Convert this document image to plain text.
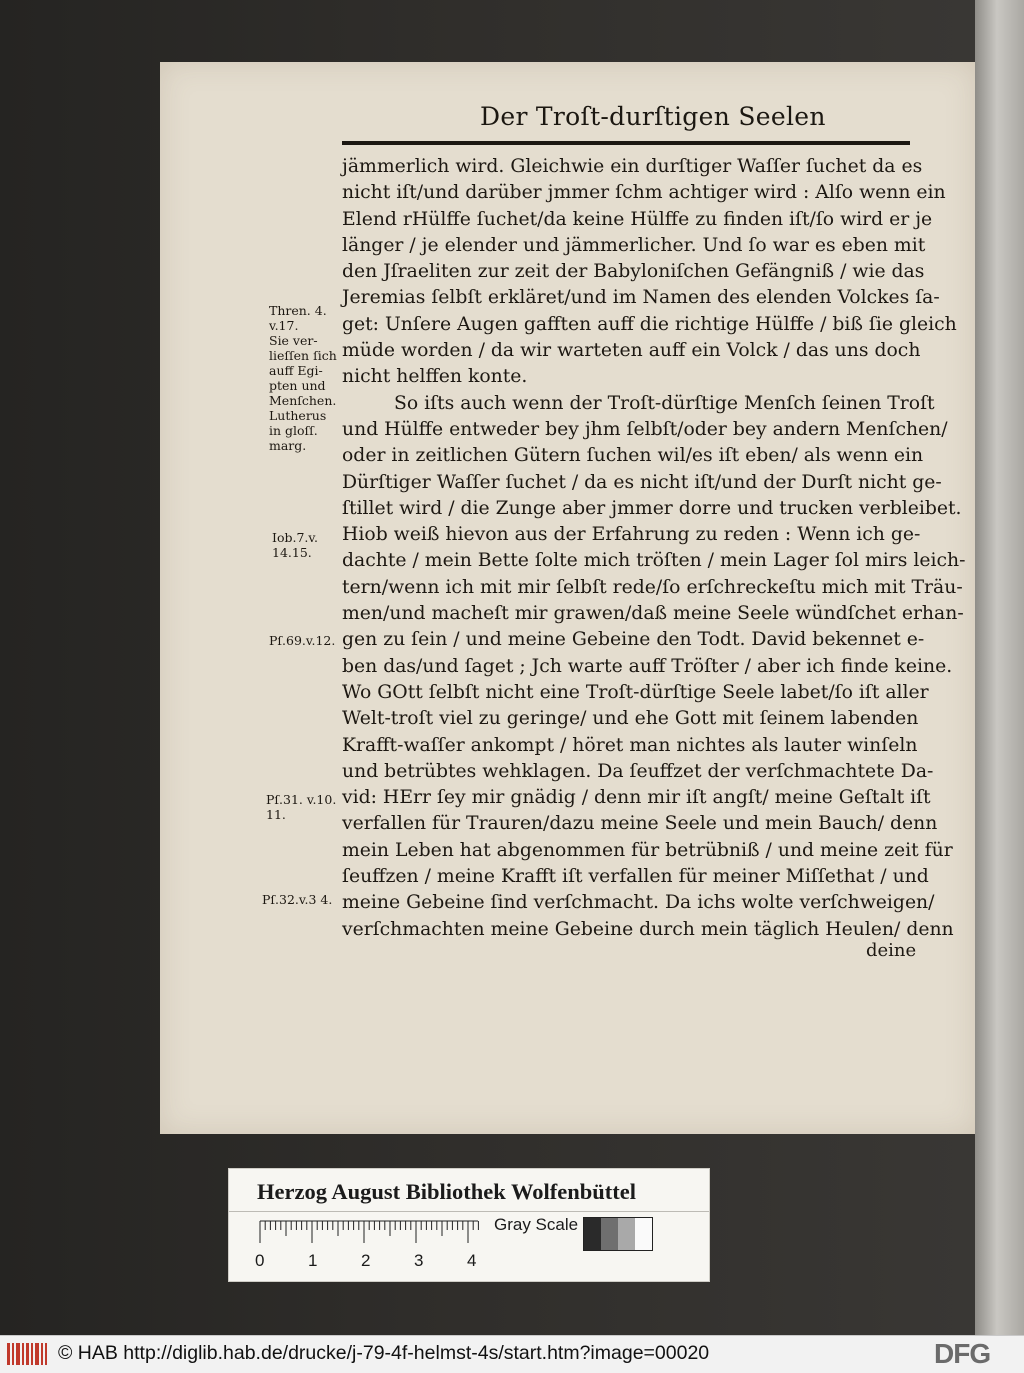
Der Troſt-durſtigen Seelen
jämmerlich wird. Gleichwie ein durſtiger Waſſer ſuchet da es
nicht iſt/und darüber jmmer ſchm achtiger wird : Alſo wenn ein
Elend rHülffe ſuchet/da keine Hülffe zu finden iſt/ſo wird er je
länger / je elender und jämmerlicher. Und ſo war es eben mit
den Jſraeliten zur zeit der Babyloniſchen Gefängniß / wie das
Jeremias ſelbſt erkläret/und im Namen des elenden Volckes ſa-
get: Unſere Augen gafften auff die richtige Hülffe / biß ſie gleich
müde worden / da wir warteten auff ein Volck / das uns doch
nicht helffen konte.
So iſts auch wenn der Troſt-dürſtige Menſch ſeinen Troſt
und Hülffe entweder bey jhm ſelbſt/oder bey andern Menſchen/
oder in zeitlichen Gütern ſuchen wil/es iſt eben/ als wenn ein
Dürſtiger Waſſer ſuchet / da es nicht iſt/und der Durſt nicht ge-
ſtillet wird / die Zunge aber jmmer dorre und trucken verbleibet.
Hiob weiß hievon aus der Erfahrung zu reden : Wenn ich ge-
dachte / mein Bette ſolte mich tröſten / mein Lager ſol mirs leich-
tern/wenn ich mit mir ſelbſt rede/ſo erſchreckeſtu mich mit Träu-
men/und macheſt mir grawen/daß meine Seele wündſchet erhan-
gen zu ſein / und meine Gebeine den Todt. David bekennet e-
ben das/und ſaget ; Jch warte auff Tröſter / aber ich finde keine.
Wo GOtt ſelbſt nicht eine Troſt-dürſtige Seele labet/ſo iſt aller
Welt-troſt viel zu geringe/ und ehe Gott mit ſeinem labenden
Krafft-waſſer ankompt / höret man nichtes als lauter winſeln
und betrübtes wehklagen. Da ſeuffzet der verſchmachtete Da-
vid: HErr ſey mir gnädig / denn mir iſt angſt/ meine Geſtalt iſt
verfallen für Trauren/dazu meine Seele und mein Bauch/ denn
mein Leben hat abgenommen für betrübniß / und meine zeit für
ſeuffzen / meine Krafft iſt verfallen für meiner Miſſethat / und
meine Gebeine ſind verſchmacht. Da ichs wolte verſchweigen/
verſchmachten meine Gebeine durch mein täglich Heulen/ denn
deine
Thren. 4.
v.17.
Sie ver-
lieſſen ſich
auff Egi-
pten und
Menſchen.
Lutherus
in gloſſ.
marg.
Iob.7.v.
14.15.
Pſ.69.v.12.
Pſ.31. v.10.
11.
Pſ.32.v.3 4.
Herzog August Bibliothek Wolfenbüttel
0	1	2	3	4
Gray Scale
© HAB http://diglib.hab.de/drucke/j-79-4f-helmst-4s/start.htm?image=00020	DFG
